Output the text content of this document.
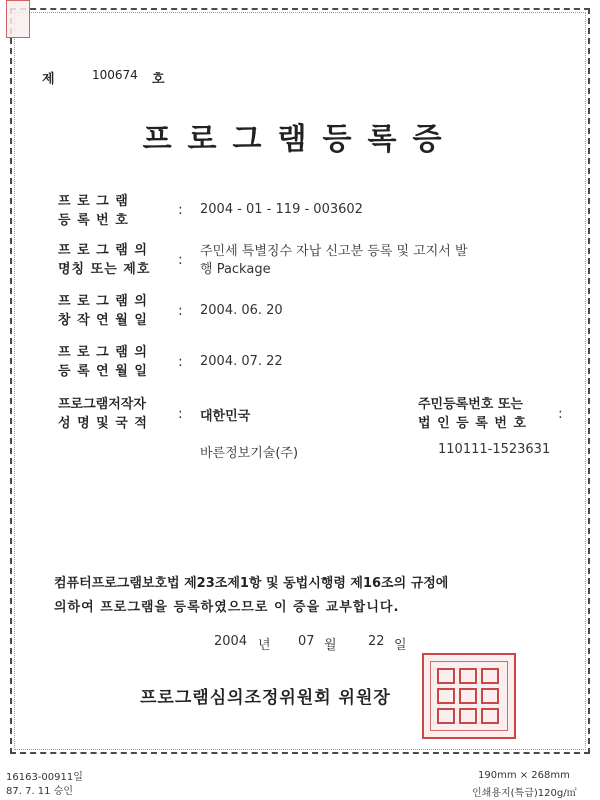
제	100674 호
프로그램등록증
프 로 그 램
등 록 번 호
: 2004 - 01 - 119 - 003602
프 로 그 램 의
명칭 또는 제호
:
주민세 특별징수 자납 신고분 등록 및 고지서 발
행 Package
프 로 그 램 의
창 작 연 월 일
: 2004. 06. 20
프 로 그 램 의
등 록 연 월 일
: 2004. 07. 22
프로그램저작자
성 명 및 국 적
: 대한민국
바른정보기술(주)
주민등록번호 또는
법 인 등 록 번 호
:
110111-1523631
컴퓨터프로그램보호법 제23조제1항 및 동법시행령 제16조의 규정에
의하여 프로그램을 등록하였으므로 이 증을 교부합니다.
2004 년 07 월 22 일
프로그램심의조정위원회 위원장
16163-00911일
87. 7. 11 승인
190mm × 268mm
인쇄용지(특급)120g/㎡
